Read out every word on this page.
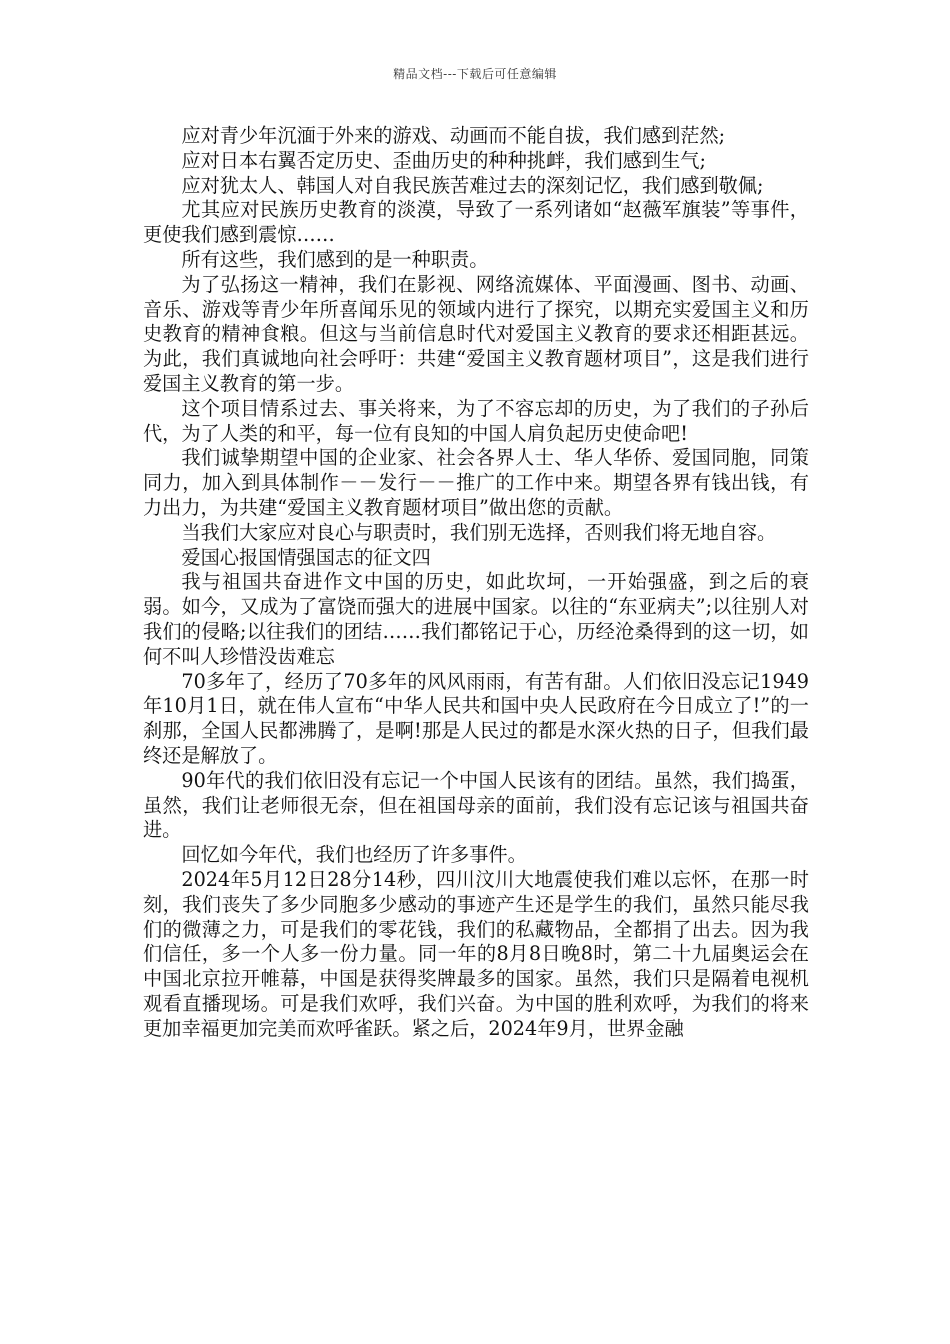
精品文档---下载后可任意编辑

应对青少年沉湎于外来的游戏、动画而不能自拔，我们感到茫然;

应对日本右翼否定历史、歪曲历史的种种挑衅，我们感到生气;

应对犹太人、韩国人对自我民族苦难过去的深刻记忆，我们感到敬佩;

尤其应对民族历史教育的淡漠，导致了一系列诸如“赵薇军旗装”等事件，更使我们感到震惊……

所有这些，我们感到的是一种职责。

为了弘扬这一精神，我们在影视、网络流媒体、平面漫画、图书、动画、音乐、游戏等青少年所喜闻乐见的领域内进行了探究，以期充实爱国主义和历史教育的精神食粮。但这与当前信息时代对爱国主义教育的要求还相距甚远。为此，我们真诚地向社会呼吁：共建“爱国主义教育题材项目”，这是我们进行爱国主义教育的第一步。

这个项目情系过去、事关将来，为了不容忘却的历史，为了我们的子孙后代，为了人类的和平，每一位有良知的中国人肩负起历史使命吧!

我们诚挚期望中国的企业家、社会各界人士、华人华侨、爱国同胞，同策同力，加入到具体制作－－发行－－推广的工作中来。期望各界有钱出钱，有力出力，为共建“爱国主义教育题材项目”做出您的贡献。

当我们大家应对良心与职责时，我们别无选择，否则我们将无地自容。

爱国心报国情强国志的征文四

我与祖国共奋进作文中国的历史，如此坎坷，一开始强盛，到之后的衰弱。如今，又成为了富饶而强大的进展中国家。以往的“东亚病夫”;以往别人对我们的侵略;以往我们的团结……我们都铭记于心，历经沧桑得到的这一切，如何不叫人珍惜没齿难忘

70多年了，经历了70多年的风风雨雨，有苦有甜。人们依旧没忘记1949年10月1日，就在伟人宣布“中华人民共和国中央人民政府在今日成立了!”的一刹那，全国人民都沸腾了，是啊!那是人民过的都是水深火热的日子，但我们最终还是解放了。

90年代的我们依旧没有忘记一个中国人民该有的团结。虽然，我们捣蛋，虽然，我们让老师很无奈，但在祖国母亲的面前，我们没有忘记该与祖国共奋进。

回忆如今年代，我们也经历了许多事件。

2024年5月12日28分14秒，四川汶川大地震使我们难以忘怀，在那一时刻，我们丧失了多少同胞多少感动的事迹产生还是学生的我们，虽然只能尽我们的微薄之力，可是我们的零花钱，我们的私藏物品，全都捐了出去。因为我们信任，多一个人多一份力量。同一年的8月8日晚8时，第二十九届奥运会在中国北京拉开帷幕，中国是获得奖牌最多的国家。虽然，我们只是隔着电视机观看直播现场。可是我们欢呼，我们兴奋。为中国的胜利欢呼，为我们的将来更加幸福更加完美而欢呼雀跃。紧之后，2024年9月，世界金融
